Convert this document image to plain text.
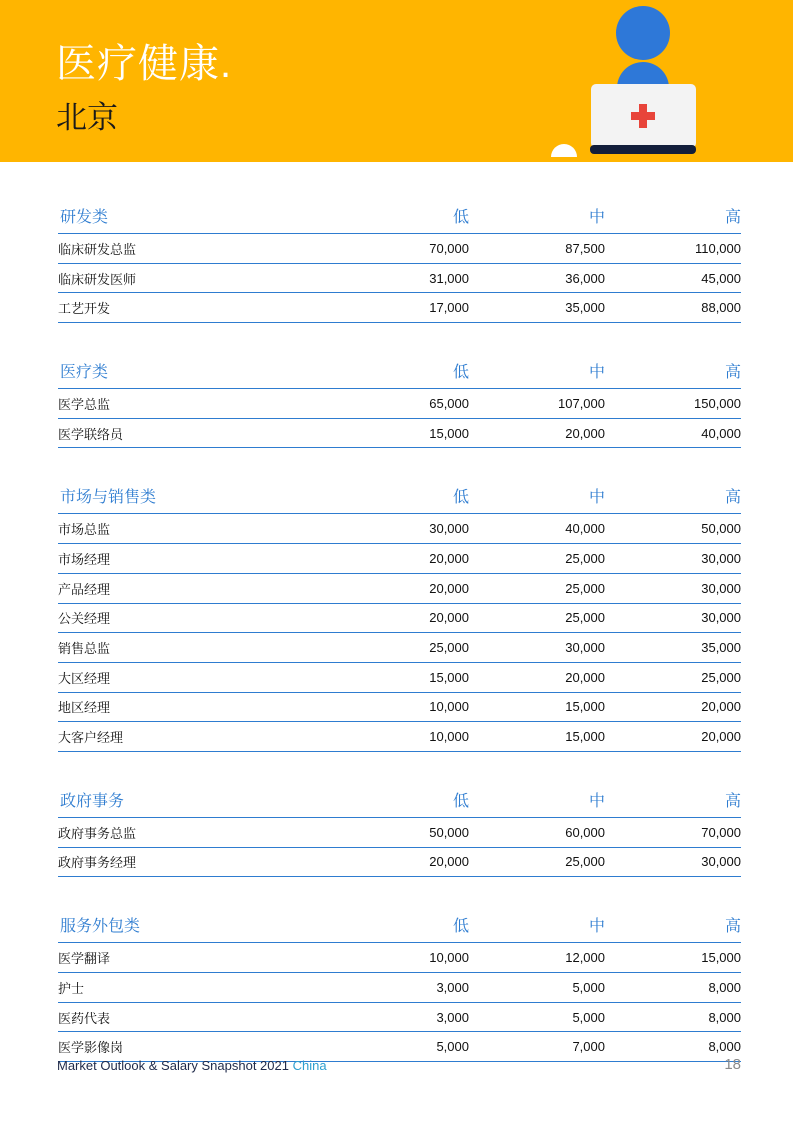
医疗健康.
北京
研发类	低	中	高
临床研发总监	70,000	87,500	110,000
临床研发医师	31,000	36,000	45,000
工艺开发	17,000	35,000	88,000
医疗类	低	中	高
医学总监	65,000	107,000	150,000
医学联络员	15,000	20,000	40,000
市场与销售类	低	中	高
市场总监	30,000	40,000	50,000
市场经理	20,000	25,000	30,000
产品经理	20,000	25,000	30,000
公关经理	20,000	25,000	30,000
销售总监	25,000	30,000	35,000
大区经理	15,000	20,000	25,000
地区经理	10,000	15,000	20,000
大客户经理	10,000	15,000	20,000
政府事务	低	中	高
政府事务总监	50,000	60,000	70,000
政府事务经理	20,000	25,000	30,000
服务外包类	低	中	高
医学翻译	10,000	12,000	15,000
护士	3,000	5,000	8,000
医药代表	3,000	5,000	8,000
医学影像岗	5,000	7,000	8,000
Market Outlook & Salary Snapshot 2021 China	18
